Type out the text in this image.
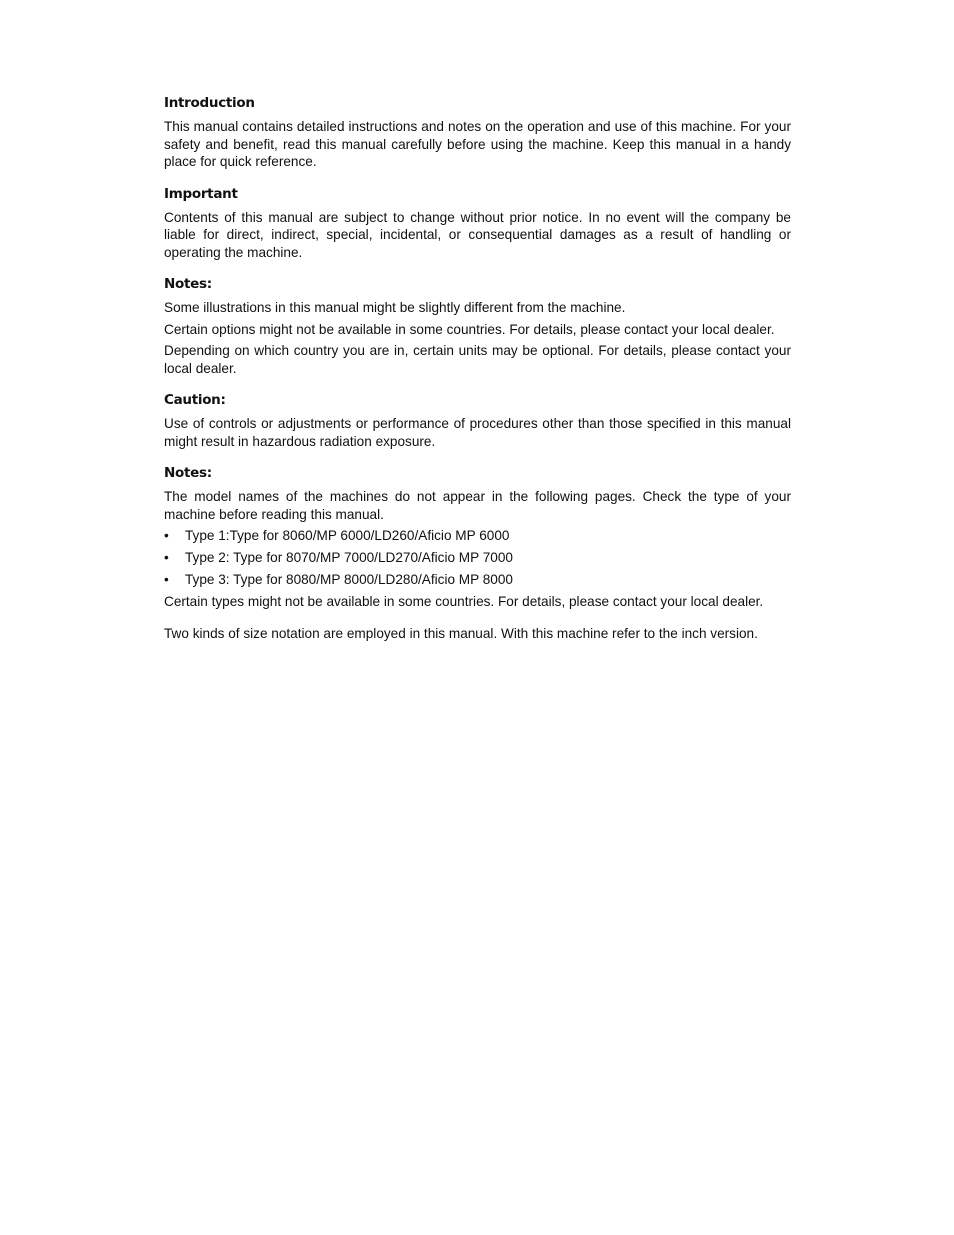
Introduction

This manual contains detailed instructions and notes on the operation and use of this machine. For your safety and benefit, read this manual carefully before using the machine. Keep this manual in a handy place for quick reference.

Important

Contents of this manual are subject to change without prior notice. In no event will the company be liable for direct, indirect, special, incidental, or consequential damages as a result of handling or operating the machine.

Notes:

Some illustrations in this manual might be slightly different from the machine.

Certain options might not be available in some countries. For details, please contact your local dealer.

Depending on which country you are in, certain units may be optional. For details, please contact your local dealer.

Caution:

Use of controls or adjustments or performance of procedures other than those specified in this manual might result in hazardous radiation exposure.

Notes:

The model names of the machines do not appear in the following pages. Check the type of your machine before reading this manual.

• Type 1:Type for 8060/MP 6000/LD260/Aficio MP 6000
• Type 2: Type for 8070/MP 7000/LD270/Aficio MP 7000
• Type 3: Type for 8080/MP 8000/LD280/Aficio MP 8000

Certain types might not be available in some countries. For details, please contact your local dealer.

Two kinds of size notation are employed in this manual. With this machine refer to the inch version.
